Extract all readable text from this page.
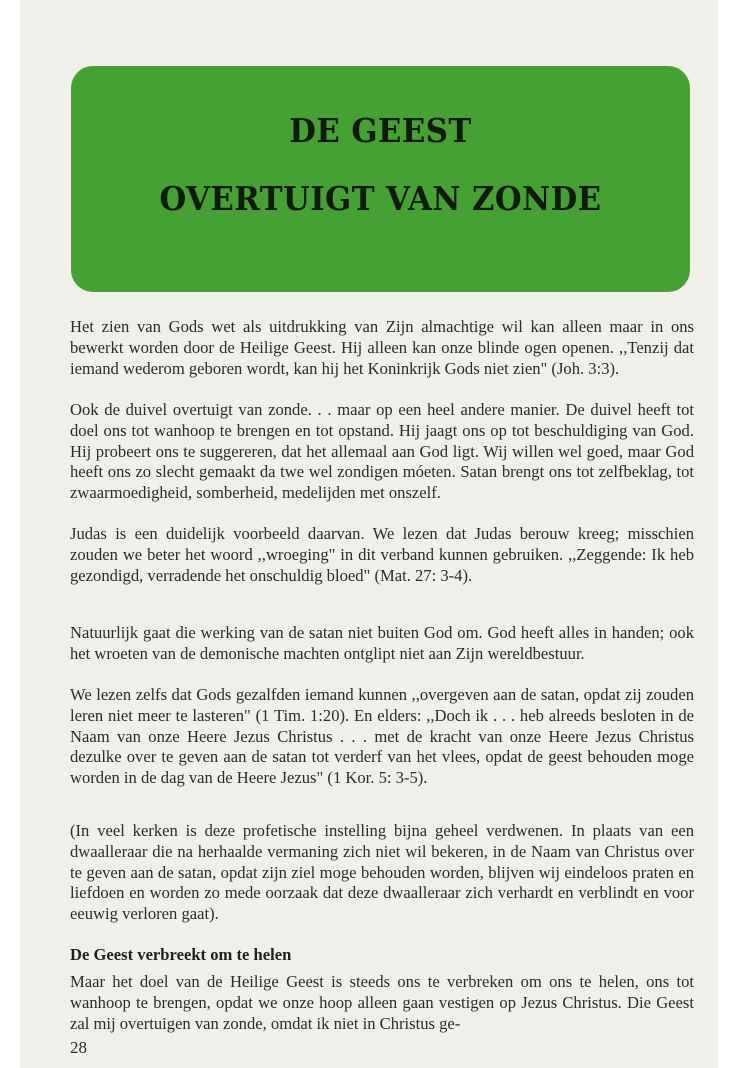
DE GEEST
OVERTUIGT VAN ZONDE

Het zien van Gods wet als uitdrukking van Zijn almachtige wil kan alleen maar in ons bewerkt worden door de Heilige Geest. Hij alleen kan onze blinde ogen openen. ,,Tenzij dat iemand wederom geboren wordt, kan hij het Koninkrijk Gods niet zien" (Joh. 3:3).

Ook de duivel overtuigt van zonde. . . maar op een heel andere manier. De duivel heeft tot doel ons tot wanhoop te brengen en tot opstand. Hij jaagt ons op tot beschuldiging van God. Hij probeert ons te suggereren, dat het allemaal aan God ligt. Wij willen wel goed, maar God heeft ons zo slecht gemaakt da twe wel zondigen móeten. Satan brengt ons tot zelfbeklag, tot zwaarmoedigheid, somberheid, medelijden met onszelf.

Judas is een duidelijk voorbeeld daarvan. We lezen dat Judas berouw kreeg; misschien zouden we beter het woord ,,wroeging" in dit verband kunnen gebruiken. ,,Zeggende: Ik heb gezondigd, verradende het onschuldig bloed" (Mat. 27: 3-4).

Natuurlijk gaat die werking van de satan niet buiten God om. God heeft alles in handen; ook het wroeten van de demonische machten ontglipt niet aan Zijn wereldbestuur.

We lezen zelfs dat Gods gezalfden iemand kunnen ,,overgeven aan de satan, opdat zij zouden leren niet meer te lasteren" (1 Tim. 1:20). En elders: ,,Doch ik . . . heb alreeds besloten in de Naam van onze Heere Jezus Christus . . . met de kracht van onze Heere Jezus Christus dezulke over te geven aan de satan tot verderf van het vlees, opdat de geest behouden moge worden in de dag van de Heere Jezus" (1 Kor. 5: 3-5).

(In veel kerken is deze profetische instelling bijna geheel verdwenen. In plaats van een dwaalleraar die na herhaalde vermaning zich niet wil bekeren, in de Naam van Christus over te geven aan de satan, opdat zijn ziel moge behouden worden, blijven wij eindeloos praten en liefdoen en worden zo mede oorzaak dat deze dwaalleraar zich verhardt en verblindt en voor eeuwig verloren gaat).

De Geest verbreekt om te helen

Maar het doel van de Heilige Geest is steeds ons te verbreken om ons te helen, ons tot wanhoop te brengen, opdat we onze hoop alleen gaan vestigen op Jezus Christus. Die Geest zal mij overtuigen van zonde, omdat ik niet in Christus ge-

28
